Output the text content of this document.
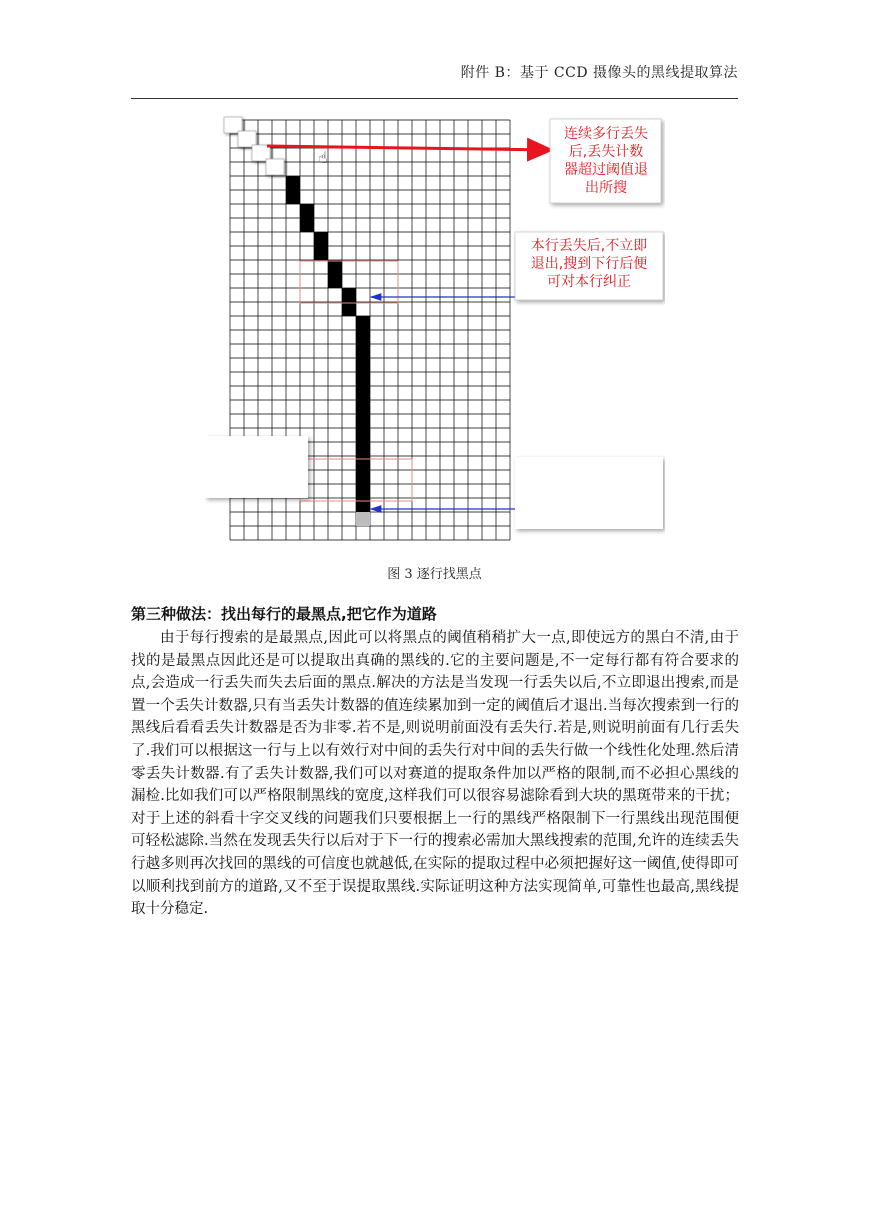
附件 B：基于 CCD 摄像头的黑线提取算法
☝
连续多行丢失
后,丢失计数
器超过阈值退
出所搜
本行丢失后,不立即
退出,搜到下行后便
可对本行纠正
图 3 逐行找黑点
第三种做法：找出每行的最黑点,把它作为道路
由于每行搜索的是最黑点,因此可以将黑点的阈值稍稍扩大一点,即使远方的黑白不清,由于找的是最黑点因此还是可以提取出真确的黑线的.它的主要问题是,不一定每行都有符合要求的点,会造成一行丢失而失去后面的黑点.解决的方法是当发现一行丢失以后,不立即退出搜索,而是置一个丢失计数器,只有当丢失计数器的值连续累加到一定的阈值后才退出.当每次搜索到一行的黑线后看看丢失计数器是否为非零.若不是,则说明前面没有丢失行.若是,则说明前面有几行丢失了.我们可以根据这一行与上以有效行对中间的丢失行对中间的丢失行做一个线性化处理.然后清零丢失计数器.有了丢失计数器,我们可以对赛道的提取条件加以严格的限制,而不必担心黑线的漏检.比如我们可以严格限制黑线的宽度,这样我们可以很容易滤除看到大块的黑斑带来的干扰；对于上述的斜看十字交叉线的问题我们只要根据上一行的黑线严格限制下一行黑线出现范围便可轻松滤除.当然在发现丢失行以后对于下一行的搜索必需加大黑线搜索的范围,允许的连续丢失行越多则再次找回的黑线的可信度也就越低,在实际的提取过程中必须把握好这一阈值,使得即可以顺利找到前方的道路,又不至于误提取黑线.实际证明这种方法实现简单,可靠性也最高,黑线提取十分稳定.
